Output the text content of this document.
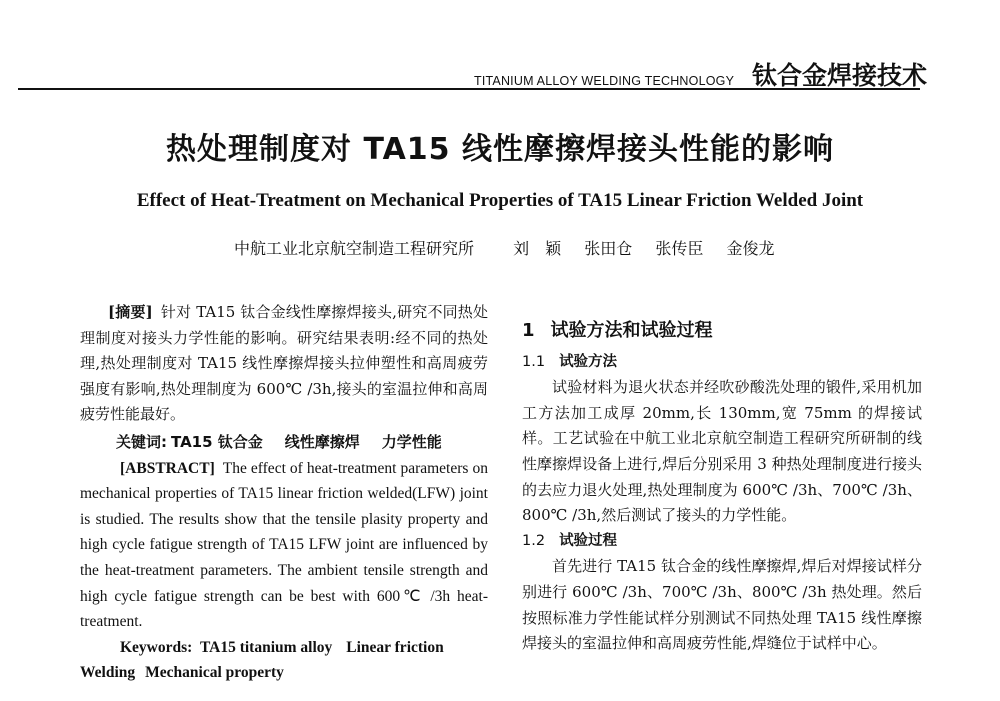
TITANIUM ALLOY WELDING TECHNOLOGY 钛合金焊接技术
热处理制度对 TA15 线性摩擦焊接头性能的影响
Effect of Heat-Treatment on Mechanical Properties of TA15 Linear Friction Welded Joint
中航工业北京航空制造工程研究所 刘　颖 张田仓 张传臣 金俊龙
[摘要] 针对 TA15 钛合金线性摩擦焊接头,研究不同热处理制度对接头力学性能的影响。研究结果表明:经不同的热处理,热处理制度对 TA15 线性摩擦焊接头拉伸塑性和高周疲劳强度有影响,热处理制度为 600℃ /3h,接头的室温拉伸和高周疲劳性能最好。
关键词: TA15 钛合金 线性摩擦焊 力学性能
[ABSTRACT] The effect of heat-treatment parameters on mechanical properties of TA15 linear friction welded(LFW) joint is studied. The results show that the tensile plasity property and high cycle fatigue strength of TA15 LFW joint are influenced by the heat-treatment parameters. The ambient tensile strength and high cycle fatigue strength can be best with 600℃ /3h heat-treatment.
Keywords: TA15 titanium alloy Linear friction Welding Mechanical property
1 试验方法和试验过程
1.1 试验方法

试验材料为退火状态并经吹砂酸洗处理的锻件,采用机加工方法加工成厚 20mm,长 130mm,宽 75mm 的焊接试样。工艺试验在中航工业北京航空制造工程研究所研制的线性摩擦焊设备上进行,焊后分别采用 3 种热处理制度进行接头的去应力退火处理,热处理制度为 600℃ /3h、700℃ /3h、800℃ /3h,然后测试了接头的力学性能。

1.2 试验过程

首先进行 TA15 钛合金的线性摩擦焊,焊后对焊接试样分别进行 600℃ /3h、700℃ /3h、800℃ /3h 热处理。然后按照标准力学性能试样分别测试不同热处理 TA15 线性摩擦焊接头的室温拉伸和高周疲劳性能,焊缝位于试样中心。
